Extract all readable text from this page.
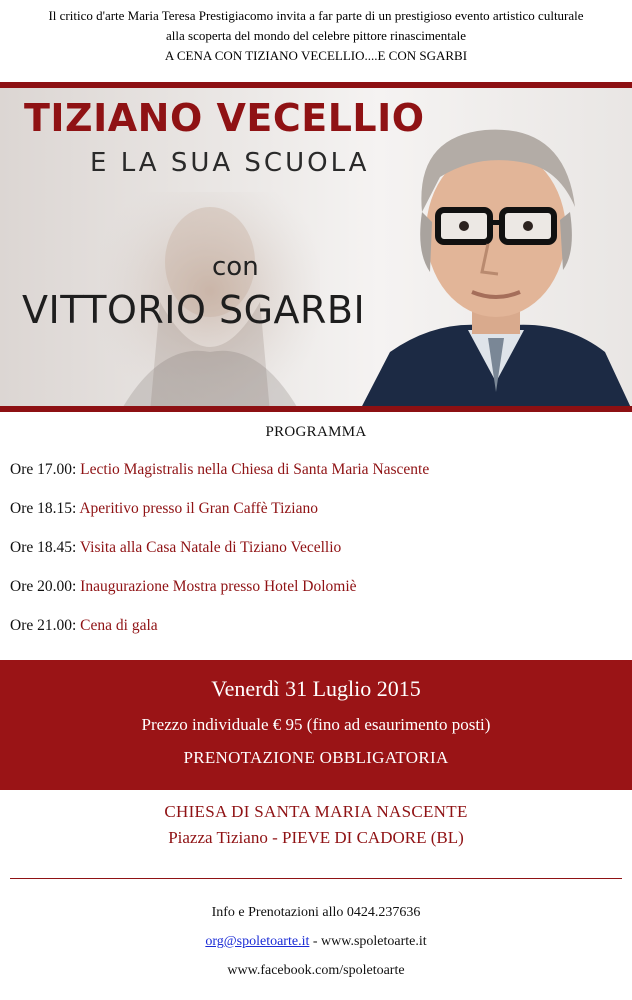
Il critico d'arte Maria Teresa Prestigiacomo invita a far parte di un prestigioso evento artistico culturale
alla scoperta del mondo del celebre pittore rinascimentale
A CENA CON TIZIANO VECELLIO....E CON SGARBI
TIZIANO VECELLIO
E LA SUA SCUOLA
con
VITTORIO SGARBI
PROGRAMMA
Ore 17.00: Lectio Magistralis nella Chiesa di Santa Maria Nascente
Ore 18.15: Aperitivo presso il Gran Caffè Tiziano
Ore 18.45: Visita alla Casa Natale di Tiziano Vecellio
Ore 20.00: Inaugurazione Mostra presso Hotel Dolomiè
Ore 21.00: Cena di gala
Venerdì 31 Luglio 2015
Prezzo individuale € 95 (fino ad esaurimento posti)
PRENOTAZIONE OBBLIGATORIA
CHIESA DI SANTA MARIA NASCENTE
Piazza Tiziano - PIEVE DI CADORE (BL)
Info e Prenotazioni allo 0424.237636
org@spoletoarte.it - www.spoletoarte.it
www.facebook.com/spoletoarte
